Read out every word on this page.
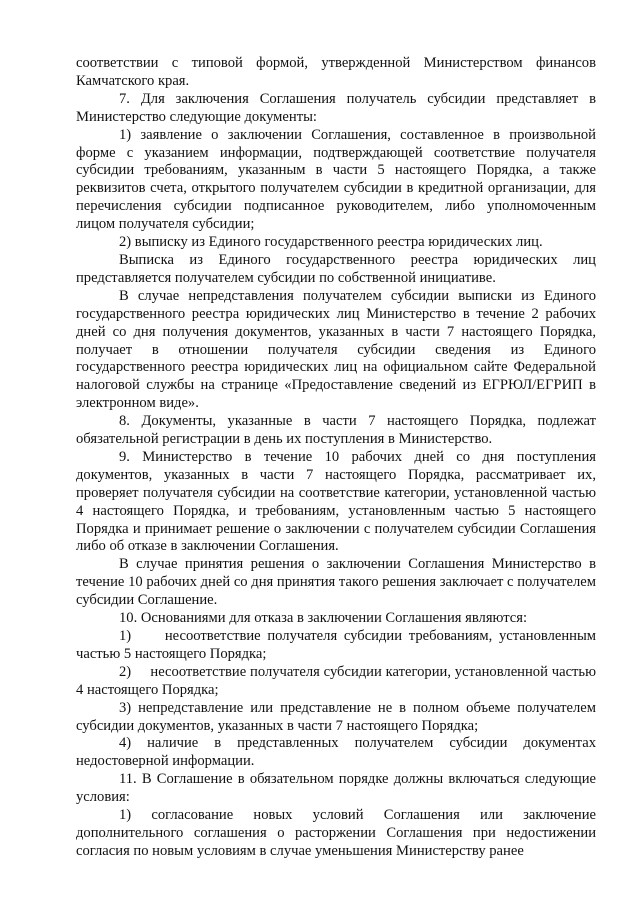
соответствии с типовой формой, утвержденной Министерством финансов Камчатского края.

7. Для заключения Соглашения получатель субсидии представляет в Министерство следующие документы:

1) заявление о заключении Соглашения, составленное в произвольной форме с указанием информации, подтверждающей соответствие получателя субсидии требованиям, указанным в части 5 настоящего Порядка, а также реквизитов счета, открытого получателем субсидии в кредитной организации, для перечисления субсидии подписанное руководителем, либо уполномоченным лицом получателя субсидии;

2) выписку из Единого государственного реестра юридических лиц.

Выписка из Единого государственного реестра юридических лиц представляется получателем субсидии по собственной инициативе.

В случае непредставления получателем субсидии выписки из Единого государственного реестра юридических лиц Министерство в течение 2 рабочих дней со дня получения документов, указанных в части 7 настоящего Порядка, получает в отношении получателя субсидии сведения из Единого государственного реестра юридических лиц на официальном сайте Федеральной налоговой службы на странице «Предоставление сведений из ЕГРЮЛ/ЕГРИП в электронном виде».

8. Документы, указанные в части 7 настоящего Порядка, подлежат обязательной регистрации в день их поступления в Министерство.

9. Министерство в течение 10 рабочих дней со дня поступления документов, указанных в части 7 настоящего Порядка, рассматривает их, проверяет получателя субсидии на соответствие категории, установленной частью 4 настоящего Порядка, и требованиям, установленным частью 5 настоящего Порядка и принимает решение о заключении с получателем субсидии Соглашения либо об отказе в заключении Соглашения.

В случае принятия решения о заключении Соглашения Министерство в течение 10 рабочих дней со дня принятия такого решения заключает с получателем субсидии Соглашение.

10. Основаниями для отказа в заключении Соглашения являются:

1)     несоответствие получателя субсидии требованиям, установленным частью 5 настоящего Порядка;

2)     несоответствие получателя субсидии категории, установленной частью 4 настоящего Порядка;

3) непредставление или представление не в полном объеме получателем субсидии документов, указанных в части 7 настоящего Порядка;

4) наличие в представленных получателем субсидии документах недостоверной информации.

11. В Соглашение в обязательном порядке должны включаться следующие условия:

1) согласование новых условий Соглашения или заключение дополнительного соглашения о расторжении Соглашения при недостижении согласия по новым условиям в случае уменьшения Министерству ранее
